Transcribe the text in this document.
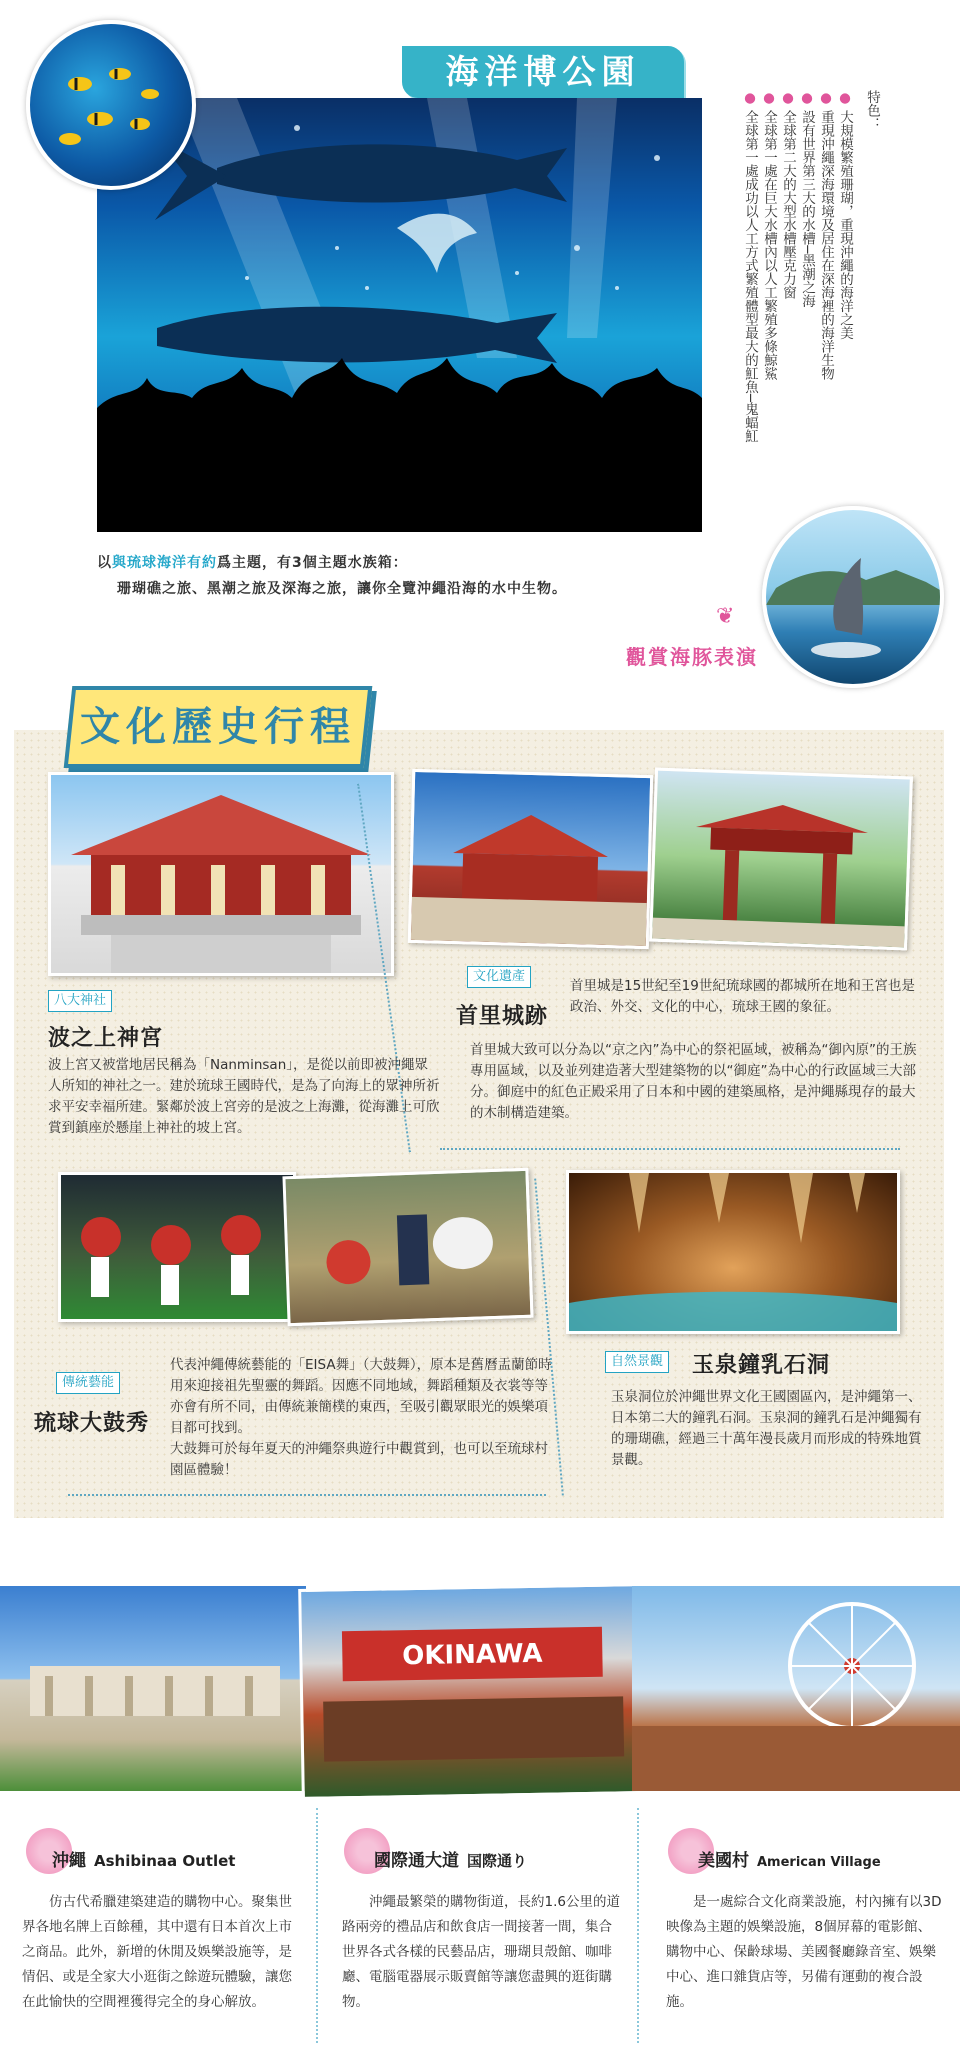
海洋博公園
特色：
● 大規模繁殖珊瑚，重現沖繩的海洋之美
● 重現沖繩深海環境及居住在深海裡的海洋生物
● 設有世界第三大的水槽─黑潮之海
● 全球第二大的大型水槽壓克力窗
● 全球第一處在巨大水槽內以人工繁殖多條鯨鯊
● 全球第一處成功以人工方式繁殖體型最大的魟魚─鬼蝠魟
以與琉球海洋有約爲主題，有3個主題水族箱：
珊瑚礁之旅、黑潮之旅及深海之旅，讓你全覽沖繩沿海的水中生物。
❦
觀賞海豚表演
文化歷史行程
八大神社
波之上神宮
波上宮又被當地居民稱為「Nanminsan」，是從以前即被沖繩眾人所知的神社之一。建於琉球王國時代，是為了向海上的眾神所祈求平安幸福所建。緊鄰於波上宮旁的是波之上海灘，從海灘上可欣賞到鎮座於懸崖上神社的坡上宮。
文化遺產
首里城跡
首里城是15世紀至19世紀琉球國的都城所在地和王宮也是政治、外交、文化的中心，琉球王國的象征。
首里城大致可以分為以“京之內”為中心的祭祀區域，被稱為“御內原”的王族專用區域，以及並列建造著大型建築物的以“御庭”為中心的行政區域三大部分。御庭中的紅色正殿采用了日本和中國的建築風格，是沖繩縣現存的最大的木制構造建築。
傳統藝能
琉球大鼓秀
代表沖繩傳統藝能的「EISA舞」（大鼓舞），原本是舊曆盂蘭節時用來迎接祖先聖靈的舞蹈。因應不同地域，舞蹈種類及衣裳等等亦會有所不同，由傳統兼簡樸的東西，至吸引觀眾眼光的娛樂項目都可找到。
大鼓舞可於每年夏天的沖繩祭典遊行中觀賞到，也可以至琉球村園區體驗！
自然景觀 玉泉鐘乳石洞
玉泉洞位於沖繩世界文化王國園區內，是沖繩第一、日本第二大的鐘乳石洞。玉泉洞的鐘乳石是沖繩獨有的珊瑚礁，經過三十萬年漫長歲月而形成的特殊地質景觀。
OKINAWA
沖繩 Ashibinaa Outlet
仿古代希臘建築建造的購物中心。聚集世界各地名牌上百餘種，其中還有日本首次上市之商品。此外，新增的休閒及娛樂設施等，是情侶、或是全家大小逛街之餘遊玩體驗，讓您在此愉快的空間裡獲得完全的身心解放。
國際通大道 国際通り
沖繩最繁榮的購物街道，長約1.6公里的道路兩旁的禮品店和飲食店一間接著一間，集合世界各式各樣的民藝品店，珊瑚貝殼館、咖啡廳、電腦電器展示販賣館等讓您盡興的逛街購物。
美國村 American Village
是一處綜合文化商業設施，村內擁有以3D映像為主題的娛樂設施，8個屏幕的電影館、購物中心、保齡球場、美國餐廳錄音室、娛樂中心、進口雜貨店等，另備有運動的複合設施。
